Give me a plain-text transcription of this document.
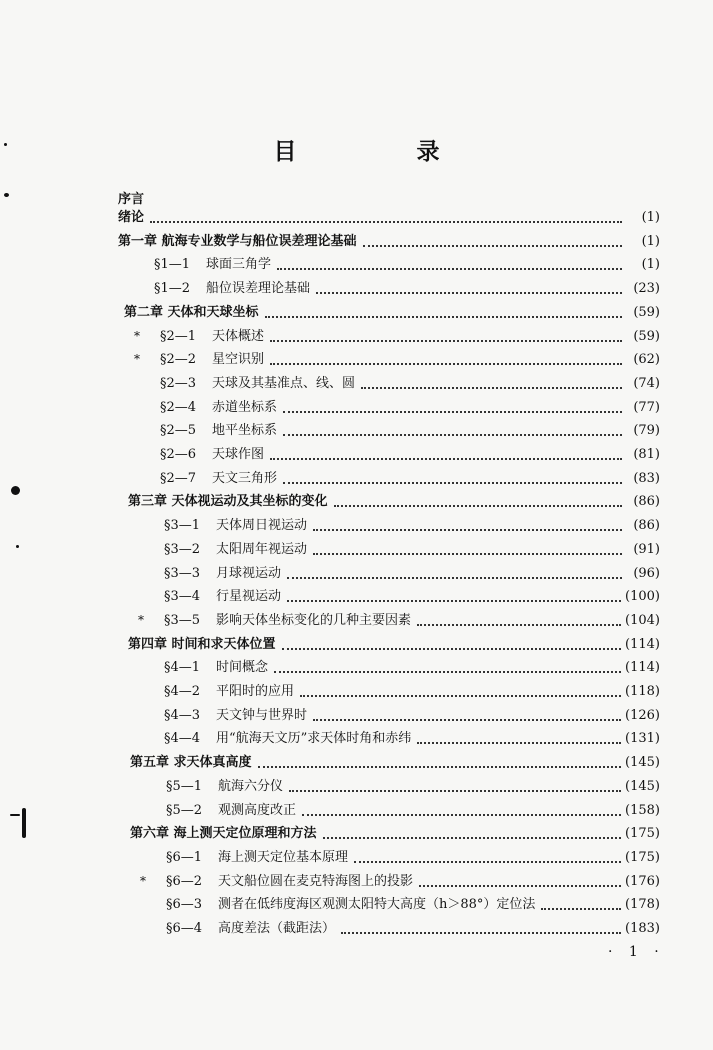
目 录
序言
绪论	(1)
第一章 航海专业数学与船位误差理论基础	(1)
§1—1 球面三角学	(1)
§1—2 船位误差理论基础	(23)
第二章 天体和天球坐标	(59)
§2—1 天体概述	(59)
*
§2—2 星空识别	(62)
*
§2—3 天球及其基准点、线、圆	(74)
§2—4 赤道坐标系	(77)
§2—5 地平坐标系	(79)
§2—6 天球作图	(81)
§2—7 天文三角形	(83)
第三章 天体视运动及其坐标的变化	(86)
§3—1 天体周日视运动	(86)
§3—2 太阳周年视运动	(91)
§3—3 月球视运动	(96)
§3—4 行星视运动	(100)
§3—5 影响天体坐标变化的几种主要因素	(104)
*
第四章 时间和求天体位置	(114)
§4—1 时间概念	(114)
§4—2 平阳时的应用	(118)
§4—3 天文钟与世界时	(126)
§4—4 用“航海天文历”求天体时角和赤纬	(131)
第五章 求天体真高度	(145)
§5—1 航海六分仪	(145)
§5—2 观测高度改正	(158)
第六章 海上测天定位原理和方法	(175)
§6—1 海上测天定位基本原理	(175)
§6—2 天文船位圆在麦克特海图上的投影	(176)
*
§6—3 测者在低纬度海区观测太阳特大高度（h＞88°）定位法	(178)
§6—4 高度差法（截距法）	(183)
· 1 ·
